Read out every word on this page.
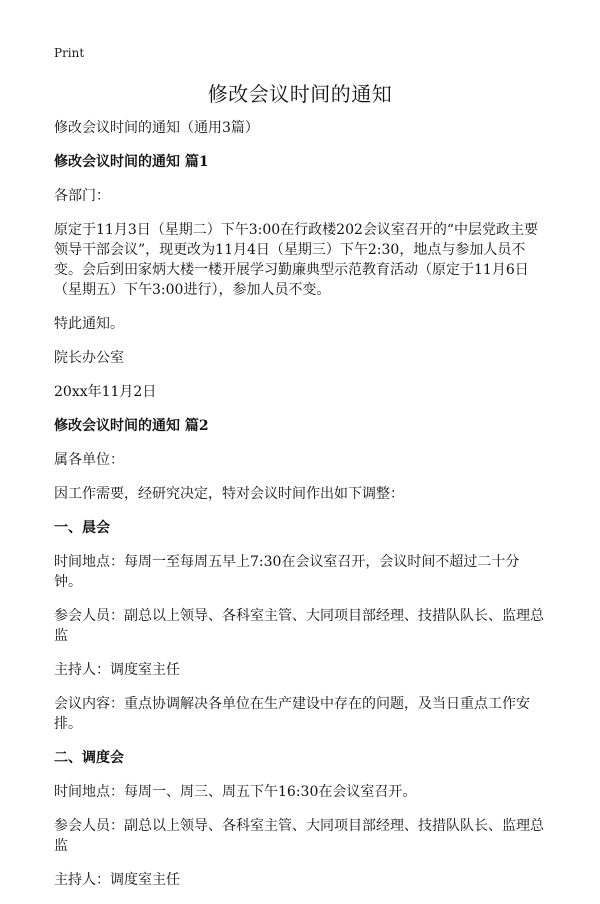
Print
修改会议时间的通知

修改会议时间的通知（通用3篇）

修改会议时间的通知 篇1

各部门：

原定于11月3日（星期二）下午3:00在行政楼202会议室召开的“中层党政主要领导干部会议”，现更改为11月4日（星期三）下午2:30，地点与参加人员不变。会后到田家炳大楼一楼开展学习勤廉典型示范教育活动（原定于11月6日（星期五）下午3:00进行），参加人员不变。

特此通知。

院长办公室

20xx年11月2日

修改会议时间的通知 篇2

属各单位：

因工作需要，经研究决定，特对会议时间作出如下调整：

一、晨会

时间地点：每周一至每周五早上7:30在会议室召开，会议时间不超过二十分钟。

参会人员：副总以上领导、各科室主管、大同项目部经理、技措队队长、监理总监

主持人：调度室主任

会议内容：重点协调解决各单位在生产建设中存在的问题，及当日重点工作安排。

二、调度会

时间地点：每周一、周三、周五下午16:30在会议室召开。

参会人员：副总以上领导、各科室主管、大同项目部经理、技措队队长、监理总监

主持人：调度室主任
